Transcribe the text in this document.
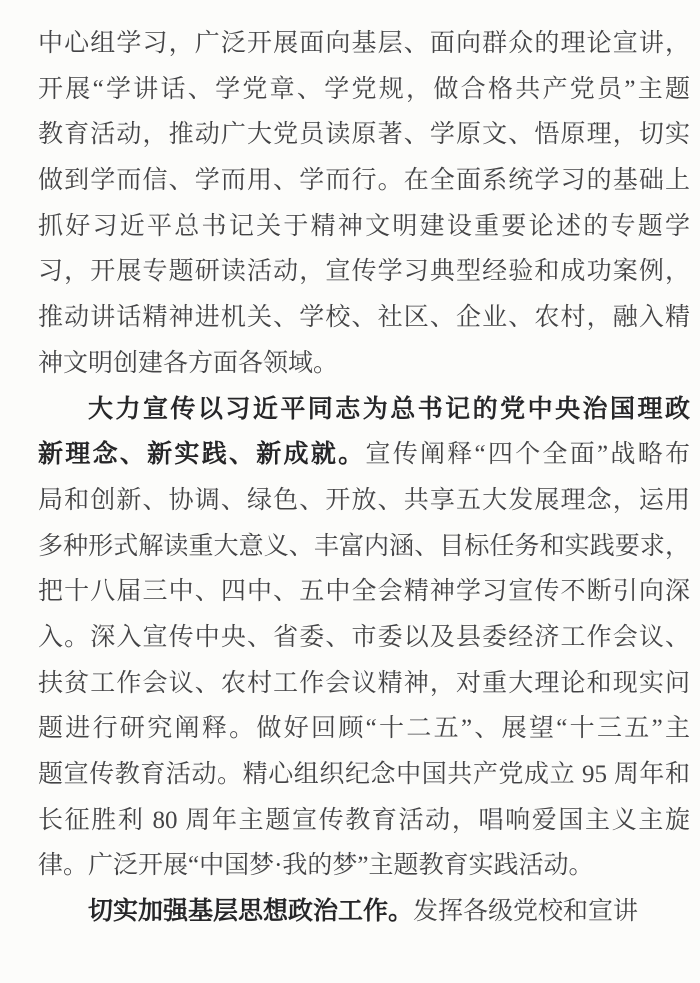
中心组学习，广泛开展面向基层、面向群众的理论宣讲，
开展“学讲话、学党章、学党规，做合格共产党员”主题
教育活动，推动广大党员读原著、学原文、悟原理，切实
做到学而信、学而用、学而行。在全面系统学习的基础上
抓好习近平总书记关于精神文明建设重要论述的专题学
习，开展专题研读活动，宣传学习典型经验和成功案例，
推动讲话精神进机关、学校、社区、企业、农村，融入精
神文明创建各方面各领域。
大力宣传以习近平同志为总书记的党中央治国理政
新理念、新实践、新成就。宣传阐释“四个全面”战略布
局和创新、协调、绿色、开放、共享五大发展理念，运用
多种形式解读重大意义、丰富内涵、目标任务和实践要求，
把十八届三中、四中、五中全会精神学习宣传不断引向深
入。深入宣传中央、省委、市委以及县委经济工作会议、
扶贫工作会议、农村工作会议精神，对重大理论和现实问
题进行研究阐释。做好回顾“十二五”、展望“十三五”主
题宣传教育活动。精心组织纪念中国共产党成立 95 周年和
长征胜利 80 周年主题宣传教育活动，唱响爱国主义主旋
律。广泛开展“中国梦·我的梦”主题教育实践活动。
切实加强基层思想政治工作。发挥各级党校和宣讲
